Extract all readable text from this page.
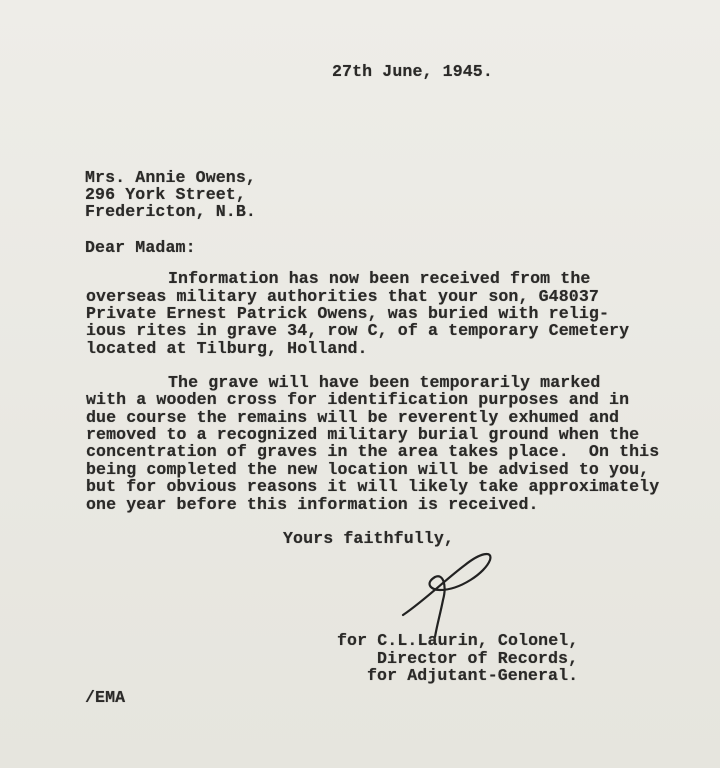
27th June, 1945.
Mrs. Annie Owens,
296 York Street,
Fredericton, N.B.
Dear Madam:
Information has now been received from the
overseas military authorities that your son, G48037
Private Ernest Patrick Owens, was buried with relig-
ious rites in grave 34, row C, of a temporary Cemetery
located at Tilburg, Holland.
The grave will have been temporarily marked
with a wooden cross for identification purposes and in
due course the remains will be reverently exhumed and
removed to a recognized military burial ground when the
concentration of graves in the area takes place.  On this
being completed the new location will be advised to you,
but for obvious reasons it will likely take approximately
one year before this information is received.
Yours faithfully,
for C.L.Laurin, Colonel,
Director of Records,
for Adjutant-General.
/EMA
